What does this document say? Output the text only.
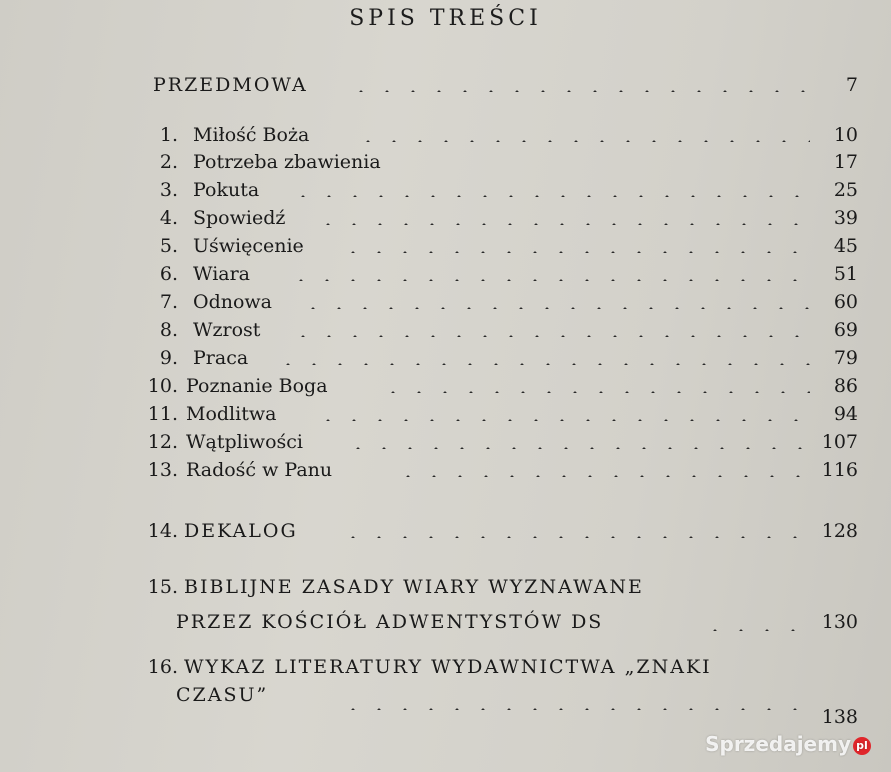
SPIS TREŚCI
PRZEDMOWA	7
1. Miłość Boża	10
2. Potrzeba zbawienia	17
3. Pokuta	25
4. Spowiedź	39
5. Uświęcenie	45
6. Wiara	51
7. Odnowa	60
8. Wzrost	69
9. Praca	79
10. Poznanie Boga	86
11. Modlitwa	94
12. Wątpliwości	107
13. Radość w Panu	116
14. DEKALOG	128
15. BIBLIJNE ZASADY WIARY WYZNAWANE
PRZEZ KOŚCIÓŁ ADWENTYSTÓW DS	130
16. WYKAZ LITERATURY WYDAWNICTWA „ZNAKI
CZASU”
138
Sprzedajemy pl
